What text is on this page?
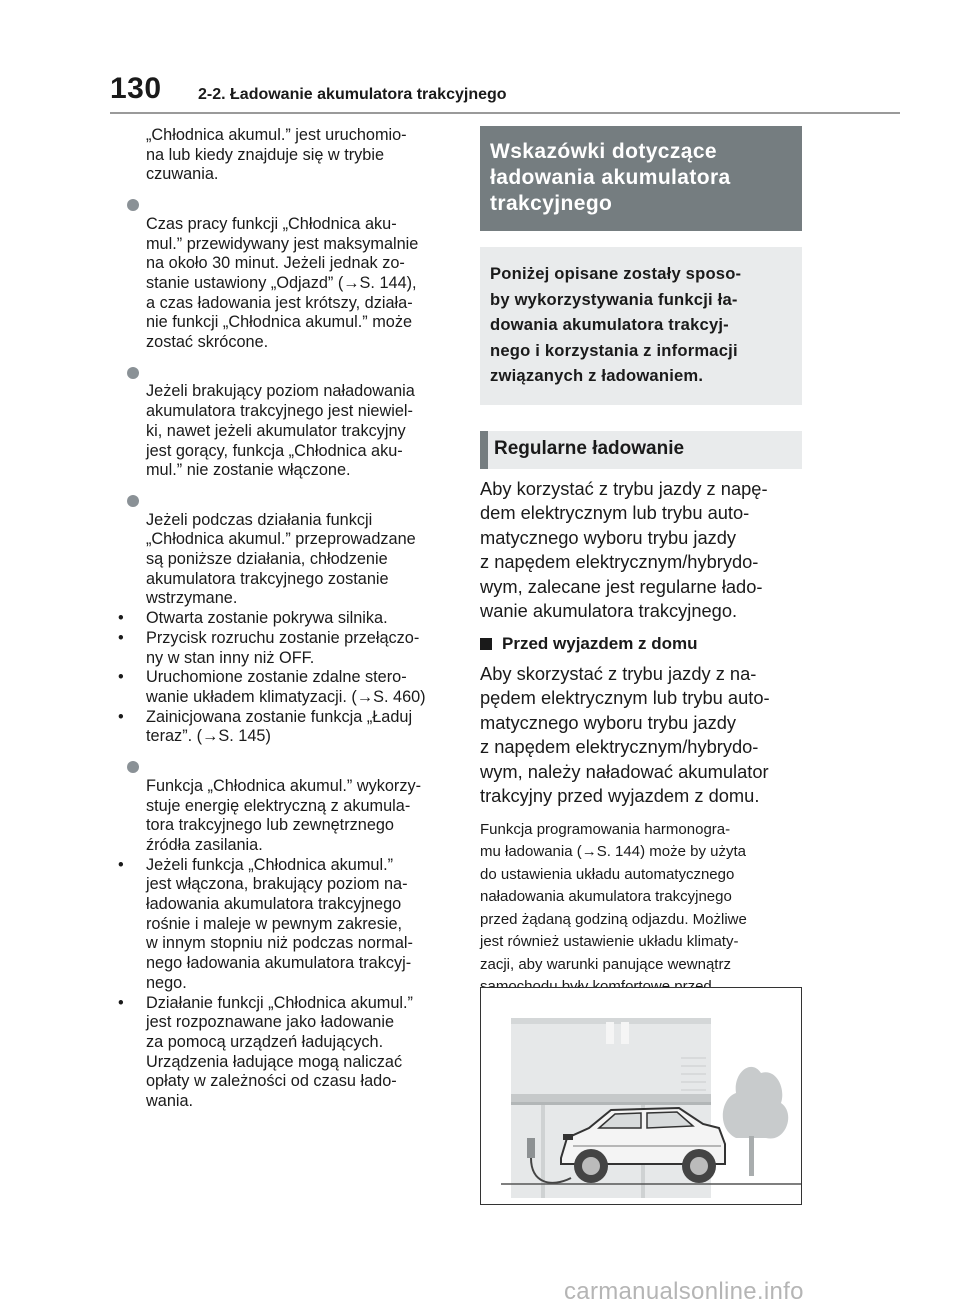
130 2-2. Ładowanie akumulatora trakcyjnego

„Chłodnica akumul.” jest uruchomio-
na lub kiedy znajduje się w trybie
czuwania.

Czas pracy funkcji „Chłodnica aku-
mul.” przewidywany jest maksymalnie
na około 30 minut. Jeżeli jednak zo-
stanie ustawiony „Odjazd” (→S. 144),
a czas ładowania jest krótszy, działa-
nie funkcji „Chłodnica akumul.” może
zostać skrócone.

Jeżeli brakujący poziom naładowania
akumulatora trakcyjnego jest niewiel-
ki, nawet jeżeli akumulator trakcyjny
jest gorący, funkcja „Chłodnica aku-
mul.” nie zostanie włączone.

Jeżeli podczas działania funkcji
„Chłodnica akumul.” przeprowadzane
są poniższe działania, chłodzenie
akumulatora trakcyjnego zostanie
wstrzymane.

• Otwarta zostanie pokrywa silnika.

• Przycisk rozruchu zostanie przełączo-
ny w stan inny niż OFF.

• Uruchomione zostanie zdalne stero-
wanie układem klimatyzacji. (→S. 460)

• Zainicjowana zostanie funkcja „Ładuj
teraz”. (→S. 145)

Funkcja „Chłodnica akumul.” wykorzy-
stuje energię elektryczną z akumula-
tora trakcyjnego lub zewnętrznego
źródła zasilania.

• Jeżeli funkcja „Chłodnica akumul.”
jest włączona, brakujący poziom na-
ładowania akumulatora trakcyjnego
rośnie i maleje w pewnym zakresie,
w innym stopniu niż podczas normal-
nego ładowania akumulatora trakcyj-
nego.

• Działanie funkcji „Chłodnica akumul.”
jest rozpoznawane jako ładowanie
za pomocą urządzeń ładujących.
Urządzenia ładujące mogą naliczać
opłaty w zależności od czasu łado-
wania.

Wskazówki dotyczące
ładowania akumulatora
trakcyjnego
Poniżej opisane zostały sposo-
by wykorzystywania funkcji ła-
dowania akumulatora trakcyj-
nego i korzystania z informacji
związanych z ładowaniem.
Regularne ładowanie
Aby korzystać z trybu jazdy z napę-
dem elektrycznym lub trybu auto-
matycznego wyboru trybu jazdy
z napędem elektrycznym/hybrydo-
wym, zalecane jest regularne łado-
wanie akumulatora trakcyjnego.
Przed wyjazdem z domu
Aby skorzystać z trybu jazdy z na-
pędem elektrycznym lub trybu auto-
matycznego wyboru trybu jazdy
z napędem elektrycznym/hybrydo-
wym, należy naładować akumulator
trakcyjny przed wyjazdem z domu.
Funkcja programowania harmonogra-
mu ładowania (→S. 144) może by użyta
do ustawienia układu automatycznego
naładowania akumulatora trakcyjnego
przed żądaną godziną odjazdu. Możliwe
jest również ustawienie układu klimaty-
zacji, aby warunki panujące wewnątrz

carmanualsonline.info
